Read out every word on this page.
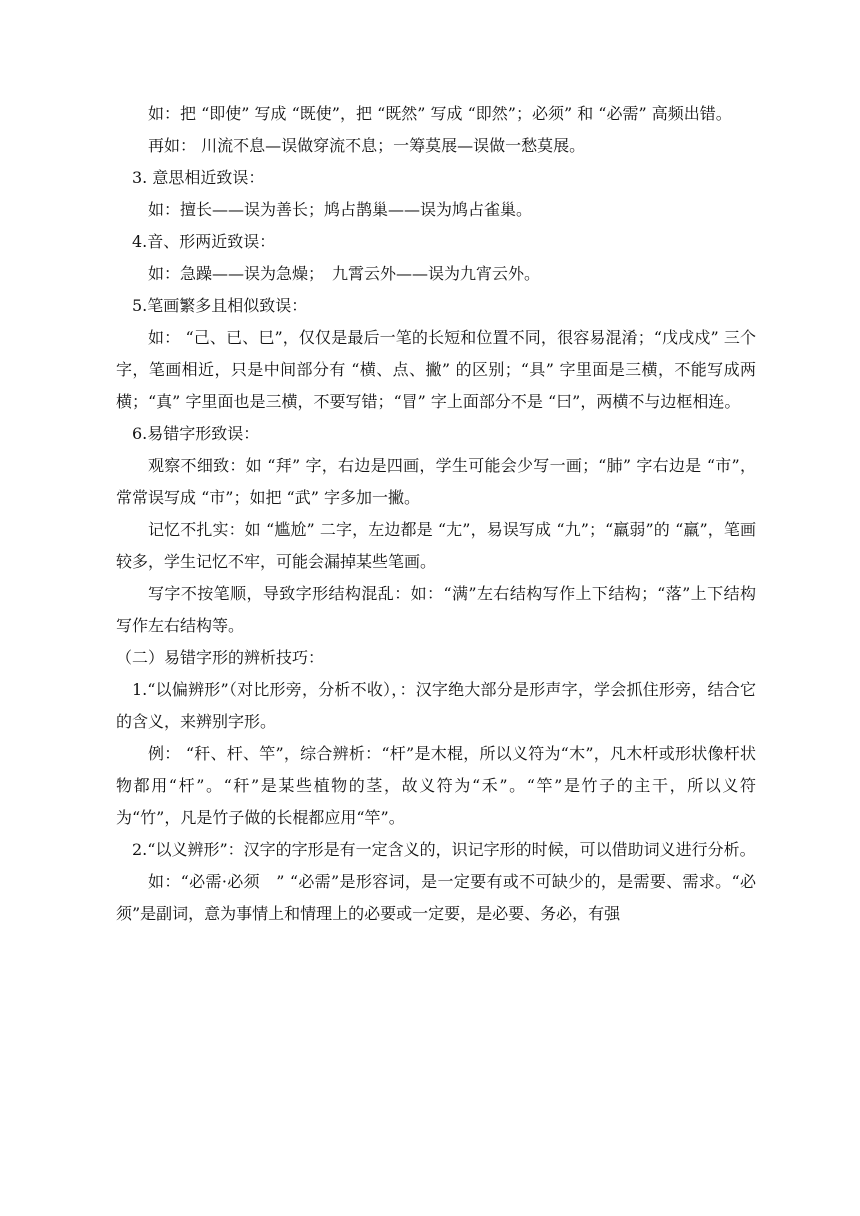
如：把 “即使” 写成 “既使”，把 “既然” 写成 “即然”；必须” 和 “必需” 高频出错。

再如： 川流不息—误做穿流不息；一筹莫展—误做一愁莫展。

3. 意思相近致误：

如：擅长——误为善长；鸠占鹊巢——误为鸠占雀巢。

4.音、形两近致误：

如：急躁——误为急燥；　九霄云外——误为九宵云外。

5.笔画繁多且相似致误：

如： “己、已、巳”，仅仅是最后一笔的长短和位置不同，很容易混淆；“戊戌戍” 三个字，笔画相近，只是中间部分有 “横、点、撇” 的区别；“具” 字里面是三横，不能写成两横；“真” 字里面也是三横，不要写错；“冒” 字上面部分不是 “曰”，两横不与边框相连。

6.易错字形致误：

观察不细致：如 “拜” 字，右边是四画，学生可能会少写一画；“肺” 字右边是 “市”，常常误写成 “市”；如把 “武” 字多加一撇。

记忆不扎实：如 “尴尬” 二字，左边都是 “尢”，易误写成 “九”；“羸弱”的 “羸”，笔画较多，学生记忆不牢，可能会漏掉某些笔画。

写字不按笔顺，导致字形结构混乱：如：“满”左右结构写作上下结构；“落”上下结构写作左右结构等。

（二）易错字形的辨析技巧：

1.“以偏辨形”（对比形旁，分析不收），：汉字绝大部分是形声字，学会抓住形旁，结合它的含义，来辨别字形。

例： “秆、杆、竿”，综合辨析：“杆”是木棍，所以义符为“木”，凡木杆或形状像杆状物都用“杆”。“秆”是某些植物的茎，故义符为“禾”。“竿”是竹子的主干，所以义符为“竹”，凡是竹子做的长棍都应用“竿”。

2.“以义辨形”：汉字的字形是有一定含义的，识记字形的时候，可以借助词义进行分析。

如：“必需·必须　” “必需”是形容词，是一定要有或不可缺少的，是需要、需求。“必须”是副词，意为事情上和情理上的必要或一定要，是必要、务必，有强
